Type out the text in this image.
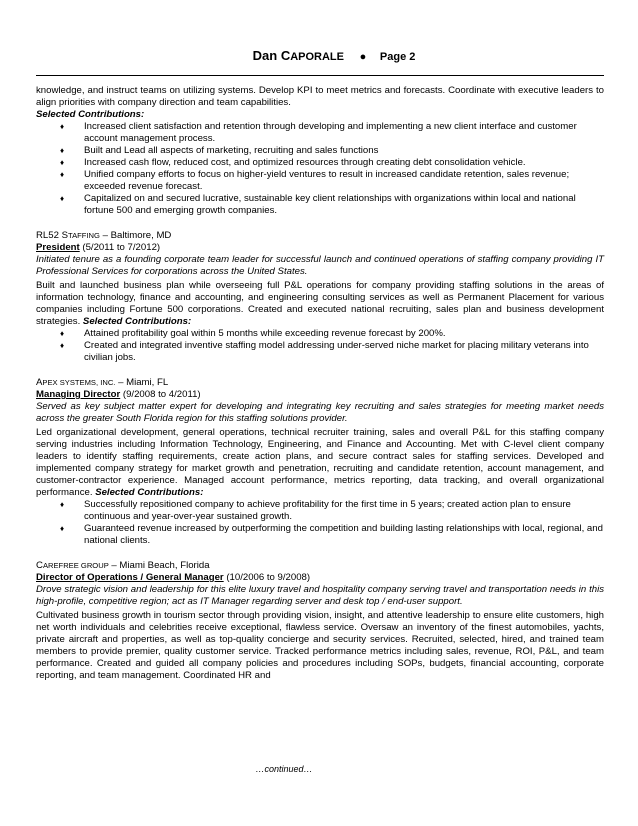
Dan CAPORALE ● Page 2

knowledge, and instruct teams on utilizing systems. Develop KPI to meet metrics and forecasts. Coordinate with executive leaders to align priorities with company direction and team capabilities.

Selected Contributions:
♦ Increased client satisfaction and retention through developing and implementing a new client interface and customer account management process.
♦ Built and Lead all aspects of marketing, recruiting and sales functions
♦ Increased cash flow, reduced cost, and optimized resources through creating debt consolidation vehicle.
♦ Unified company efforts to focus on higher-yield ventures to result in increased candidate retention, sales revenue; exceeded revenue forecast.
♦ Capitalized on and secured lucrative, sustainable key client relationships with organizations within local and national fortune 500 and emerging growth companies.
RL52 STAFFING – Baltimore, MD
President (5/2011 to 7/2012)

Initiated tenure as a founding corporate team leader for successful launch and continued operations of staffing company providing IT Professional Services for corporations across the United States.

Built and launched business plan while overseeing full P&L operations for company providing staffing solutions in the areas of information technology, finance and accounting, and engineering consulting services as well as Permanent Placement for various companies including Fortune 500 corporations. Created and executed national recruiting, sales plan and business development strategies. Selected Contributions:

♦ Attained profitability goal within 5 months while exceeding revenue forecast by 200%.
♦ Created and integrated inventive staffing model addressing under-served niche market for placing military veterans into civilian jobs.
APEX SYSTEMS, INC. – Miami, FL
Managing Director (9/2008 to 4/2011)

Served as key subject matter expert for developing and integrating key recruiting and sales strategies for meeting market needs across the greater South Florida region for this staffing solutions provider.

Led organizational development, general operations, technical recruiter training, sales and overall P&L for this staffing company serving industries including Information Technology, Engineering, and Finance and Accounting. Met with C-level client company leaders to identify staffing requirements, create action plans, and secure contract sales for staffing services. Developed and implemented company strategy for market growth and penetration, recruiting and candidate retention, account management, and customer-contractor experience. Managed account performance, metrics reporting, data tracking, and overall organizational performance. Selected Contributions:

♦ Successfully repositioned company to achieve profitability for the first time in 5 years; created action plan to ensure continuous and year-over-year sustained growth.
♦ Guaranteed revenue increased by outperforming the competition and building lasting relationships with local, regional, and national clients.
CAREFREE GROUP – Miami Beach, Florida
Director of Operations / General Manager (10/2006 to 9/2008)

Drove strategic vision and leadership for this elite luxury travel and hospitality company serving travel and transportation needs in this high-profile, competitive region; act as IT Manager regarding server and desk top / end-user support.

Cultivated business growth in tourism sector through providing vision, insight, and attentive leadership to ensure elite customers, high net worth individuals and celebrities receive exceptional, flawless service. Oversaw an inventory of the finest automobiles, yachts, private aircraft and properties, as well as top-quality concierge and security services. Recruited, selected, hired, and trained team members to provide premier, quality customer service. Tracked performance metrics including sales, revenue, ROI, P&L, and team performance. Created and guided all company policies and procedures including SOPs, budgets, financial accounting, corporate reporting, and team management. Coordinated HR and

…continued…
